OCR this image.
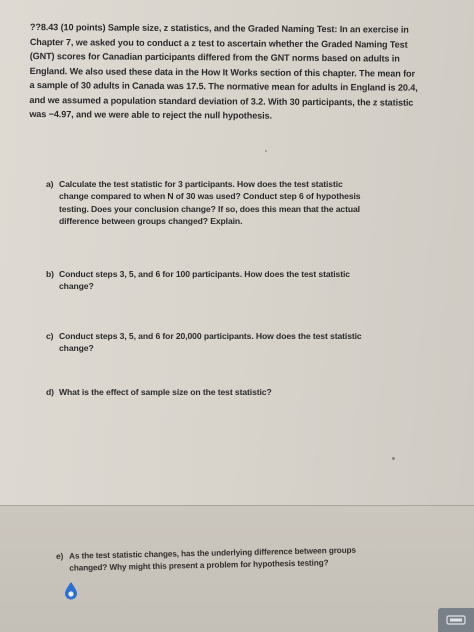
??8.43 (10 points) Sample size, z statistics, and the Graded Naming Test: In an exercise in Chapter 7, we asked you to conduct a z test to ascertain whether the Graded Naming Test (GNT) scores for Canadian participants differed from the GNT norms based on adults in England. We also used these data in the How It Works section of this chapter. The mean for a sample of 30 adults in Canada was 17.5. The normative mean for adults in England is 20.4, and we assumed a population standard deviation of 3.2. With 30 participants, the z statistic was −4.97, and we were able to reject the null hypothesis.
a) Calculate the test statistic for 3 participants. How does the test statistic
change compared to when N of 30 was used? Conduct step 6 of hypothesis testing. Does your conclusion change? If so, does this mean that the actual difference between groups changed? Explain.
b) Conduct steps 3, 5, and 6 for 100 participants. How does the test statistic
change?
c) Conduct steps 3, 5, and 6 for 20,000 participants. How does the test statistic
change?
d) What is the effect of sample size on the test statistic?
e) As the test statistic changes, has the underlying difference between groups
changed? Why might this present a problem for hypothesis testing?
